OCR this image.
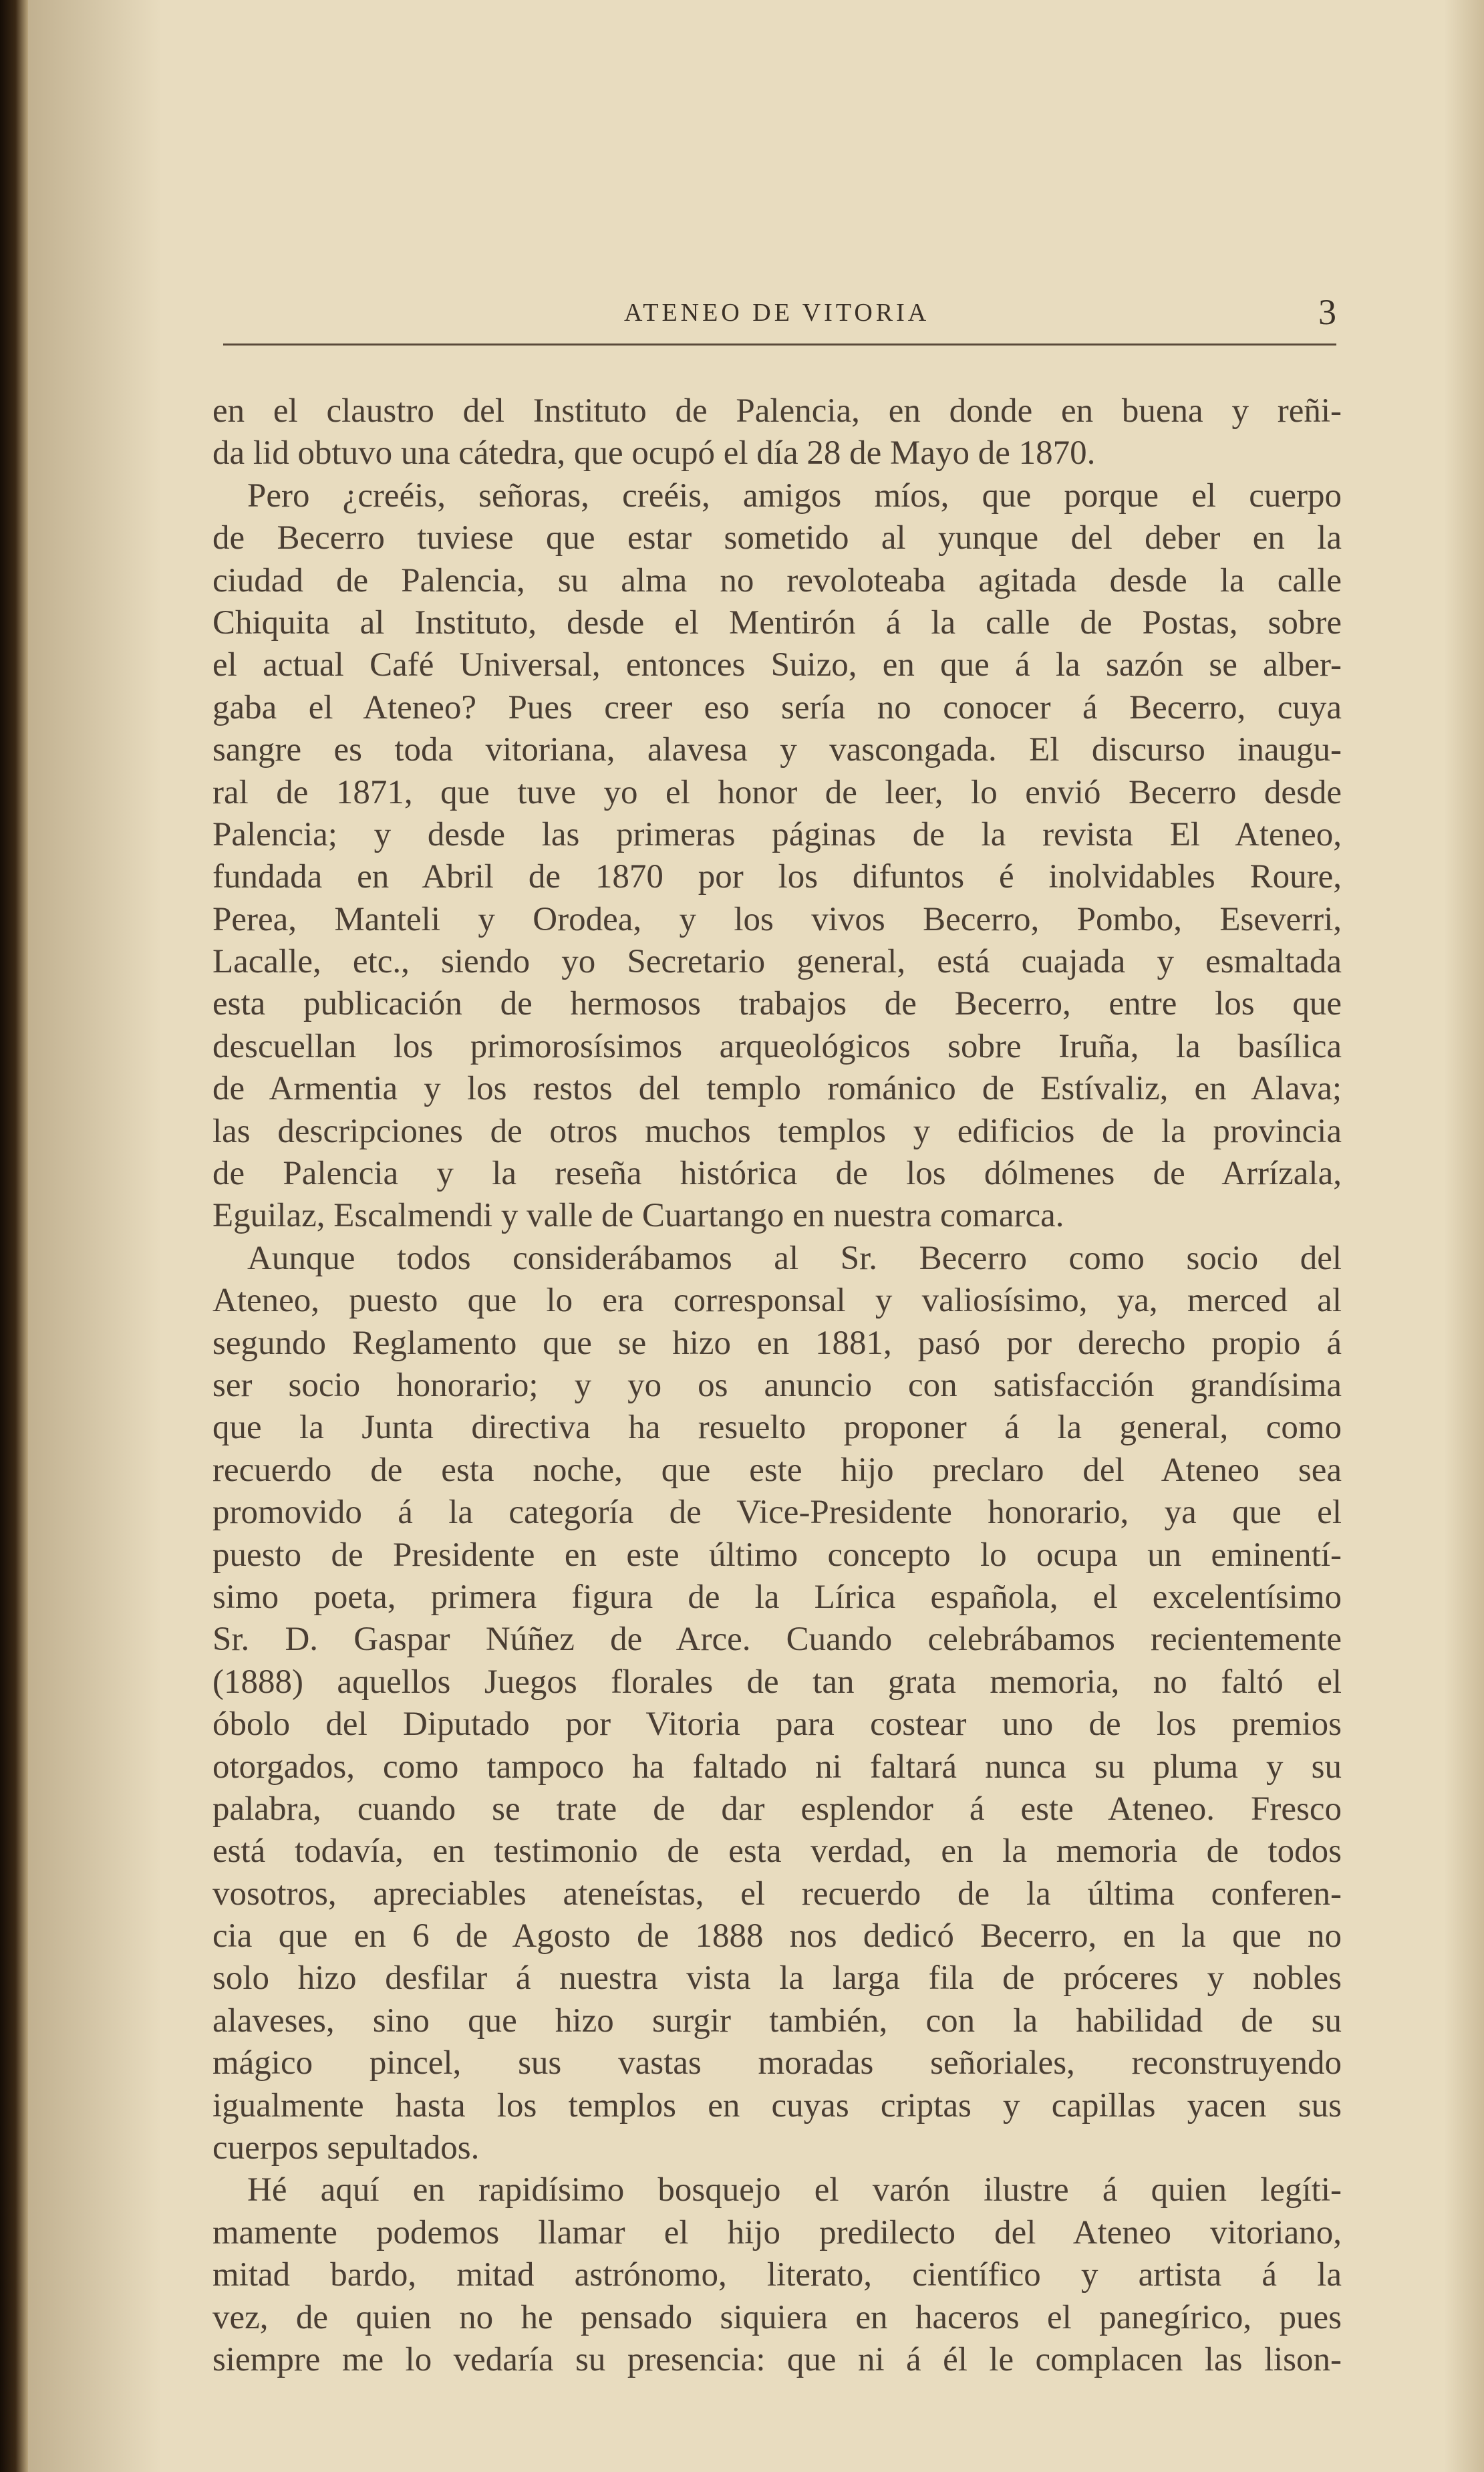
ATENEO DE VITORIA	3
en el claustro del Instituto de Palencia, en donde en buena y reñi-
da lid obtuvo una cátedra, que ocupó el día 28 de Mayo de 1870.
Pero ¿creéis, señoras, creéis, amigos míos, que porque el cuerpo
de Becerro tuviese que estar sometido al yunque del deber en la
ciudad de Palencia, su alma no revoloteaba agitada desde la calle
Chiquita al Instituto, desde el Mentirón á la calle de Postas, sobre
el actual Café Universal, entonces Suizo, en que á la sazón se alber-
gaba el Ateneo? Pues creer eso sería no conocer á Becerro, cuya
sangre es toda vitoriana, alavesa y vascongada. El discurso inaugu-
ral de 1871, que tuve yo el honor de leer, lo envió Becerro desde
Palencia; y desde las primeras páginas de la revista El Ateneo,
fundada en Abril de 1870 por los difuntos é inolvidables Roure,
Perea, Manteli y Orodea, y los vivos Becerro, Pombo, Eseverri,
Lacalle, etc., siendo yo Secretario general, está cuajada y esmaltada
esta publicación de hermosos trabajos de Becerro, entre los que
descuellan los primorosísimos arqueológicos sobre Iruña, la basílica
de Armentia y los restos del templo románico de Estívaliz, en Alava;
las descripciones de otros muchos templos y edificios de la provincia
de Palencia y la reseña histórica de los dólmenes de Arrízala,
Eguilaz, Escalmendi y valle de Cuartango en nuestra comarca.
Aunque todos considerábamos al Sr. Becerro como socio del
Ateneo, puesto que lo era corresponsal y valiosísimo, ya, merced al
segundo Reglamento que se hizo en 1881, pasó por derecho propio á
ser socio honorario; y yo os anuncio con satisfacción grandísima
que la Junta directiva ha resuelto proponer á la general, como
recuerdo de esta noche, que este hijo preclaro del Ateneo sea
promovido á la categoría de Vice-Presidente honorario, ya que el
puesto de Presidente en este último concepto lo ocupa un eminentí-
simo poeta, primera figura de la Lírica española, el excelentísimo
Sr. D. Gaspar Núñez de Arce. Cuando celebrábamos recientemente
(1888) aquellos Juegos florales de tan grata memoria, no faltó el
óbolo del Diputado por Vitoria para costear uno de los premios
otorgados, como tampoco ha faltado ni faltará nunca su pluma y su
palabra, cuando se trate de dar esplendor á este Ateneo. Fresco
está todavía, en testimonio de esta verdad, en la memoria de todos
vosotros, apreciables ateneístas, el recuerdo de la última conferen-
cia que en 6 de Agosto de 1888 nos dedicó Becerro, en la que no
solo hizo desfilar á nuestra vista la larga fila de próceres y nobles
alaveses, sino que hizo surgir también, con la habilidad de su
mágico pincel, sus vastas moradas señoriales, reconstruyendo
igualmente hasta los templos en cuyas criptas y capillas yacen sus
cuerpos sepultados.
Hé aquí en rapidísimo bosquejo el varón ilustre á quien legíti-
mamente podemos llamar el hijo predilecto del Ateneo vitoriano,
mitad bardo, mitad astrónomo, literato, científico y artista á la
vez, de quien no he pensado siquiera en haceros el panegírico, pues
siempre me lo vedaría su presencia: que ni á él le complacen las lison-
